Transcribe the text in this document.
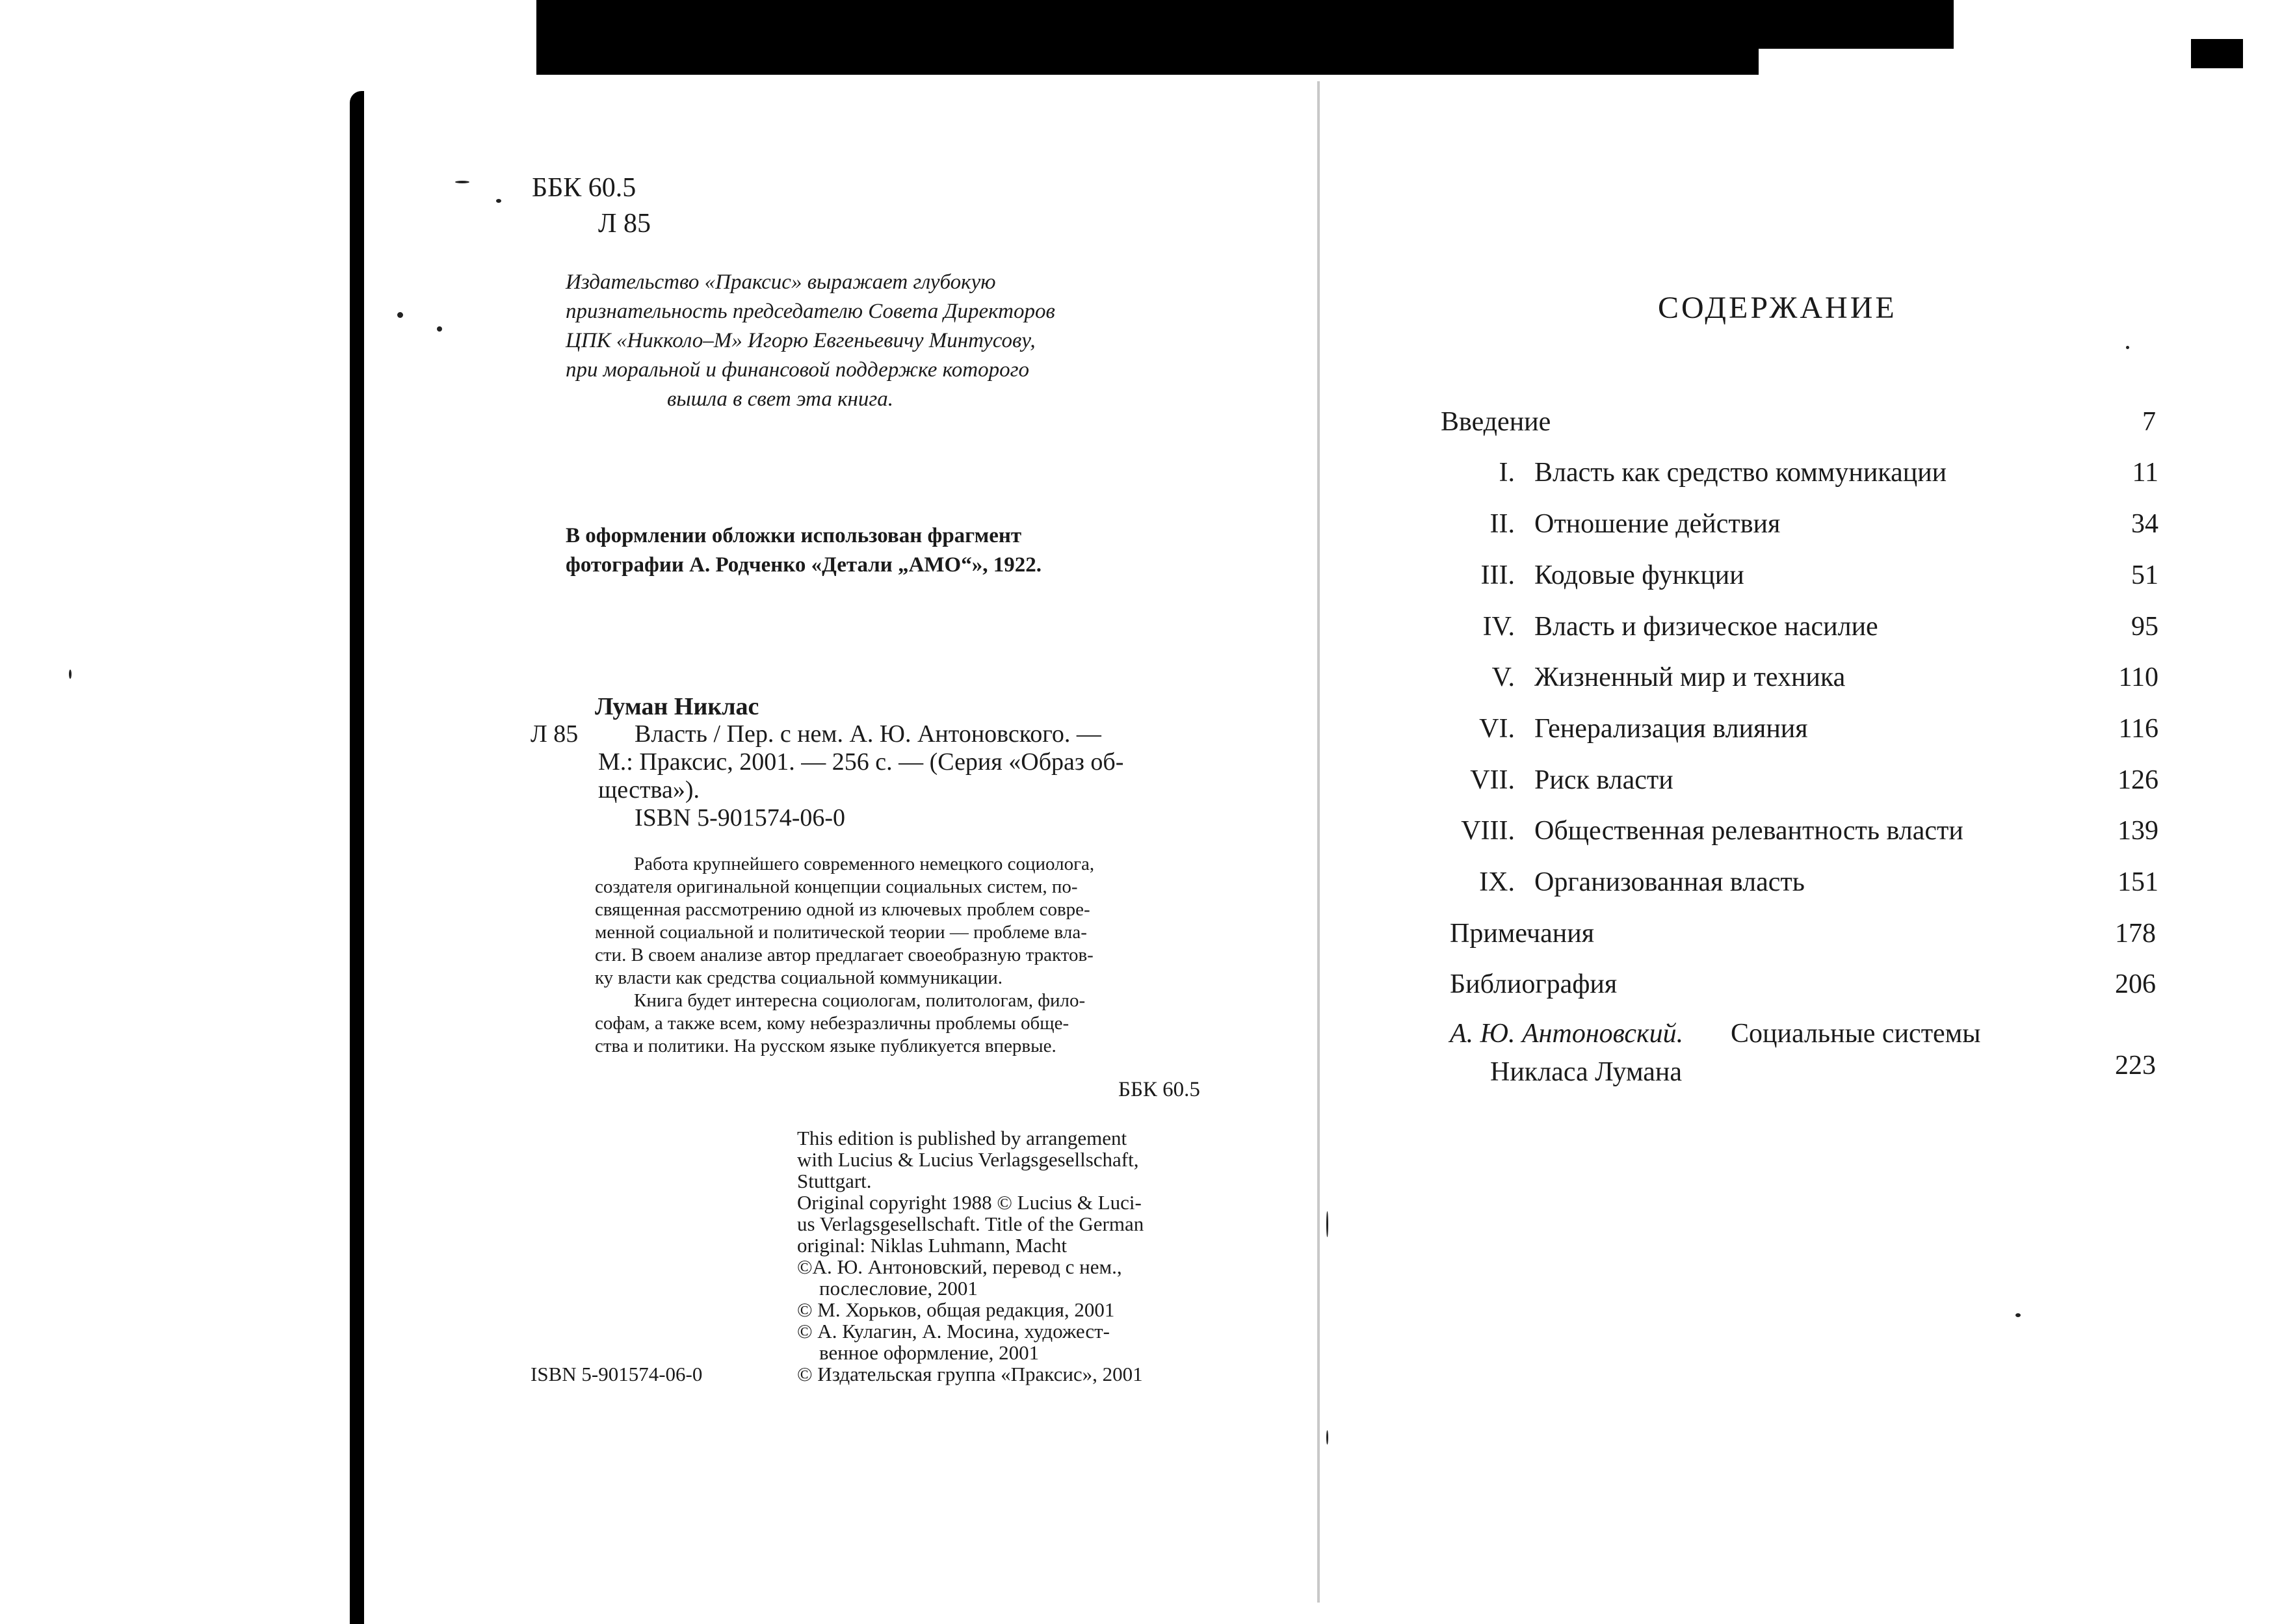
ББК 60.5
Л 85
Издательство «Праксис» выражает глубокую
признательность председателю Совета Директоров
ЦПК «Никколо–М» Игорю Евгеньевичу Минтусову,
при моральной и финансовой поддержке которого
вышла в свет эта книга.
В оформлении обложки использован фрагмент
фотографии А. Родченко «Детали „АМО“», 1922.
Луман Никлас
Л 85 Власть / Пер. с нем. А. Ю. Антоновского. —
М.: Праксис, 2001. — 256 с. — (Серия «Образ об-
щества»).
ISBN 5-901574-06-0
Работа крупнейшего современного немецкого социолога,
создателя оригинальной концепции социальных систем, по-
священная рассмотрению одной из ключевых проблем совре-
менной социальной и политической теории — проблеме вла-
сти. В своем анализе автор предлагает своеобразную трактов-
ку власти как средства социальной коммуникации.
Книга будет интересна социологам, политологам, фило-
софам, а также всем, кому небезразличны проблемы обще-
ства и политики. На русском языке публикуется впервые.
ББК 60.5
This edition is published by arrangement
with Lucius & Lucius Verlagsgesellschaft,
Stuttgart.
Original copyright 1988 © Lucius & Luci-
us Verlagsgesellschaft. Title of the German
original: Niklas Luhmann, Macht
©А. Ю. Антоновский, перевод с нем.,
послесловие, 2001
© М. Хорьков, общая редакция, 2001
© А. Кулагин, А. Мосина, художест-
венное оформление, 2001
© Издательская группа «Праксис», 2001
ISBN 5-901574-06-0
СОДЕРЖАНИЕ
Введение	7
I. Власть как средство коммуникации	11
II. Отношение действия	34
III. Кодовые функции	51
IV. Власть и физическое насилие	95
V. Жизненный мир и техника	110
VI. Генерализация влияния	116
VII. Риск власти	126
VIII. Общественная релевантность власти	139
IX. Организованная власть	151
Примечания	178
Библиография	206
А. Ю. Антоновский. Социальные системы
Никласа Лумана	223
